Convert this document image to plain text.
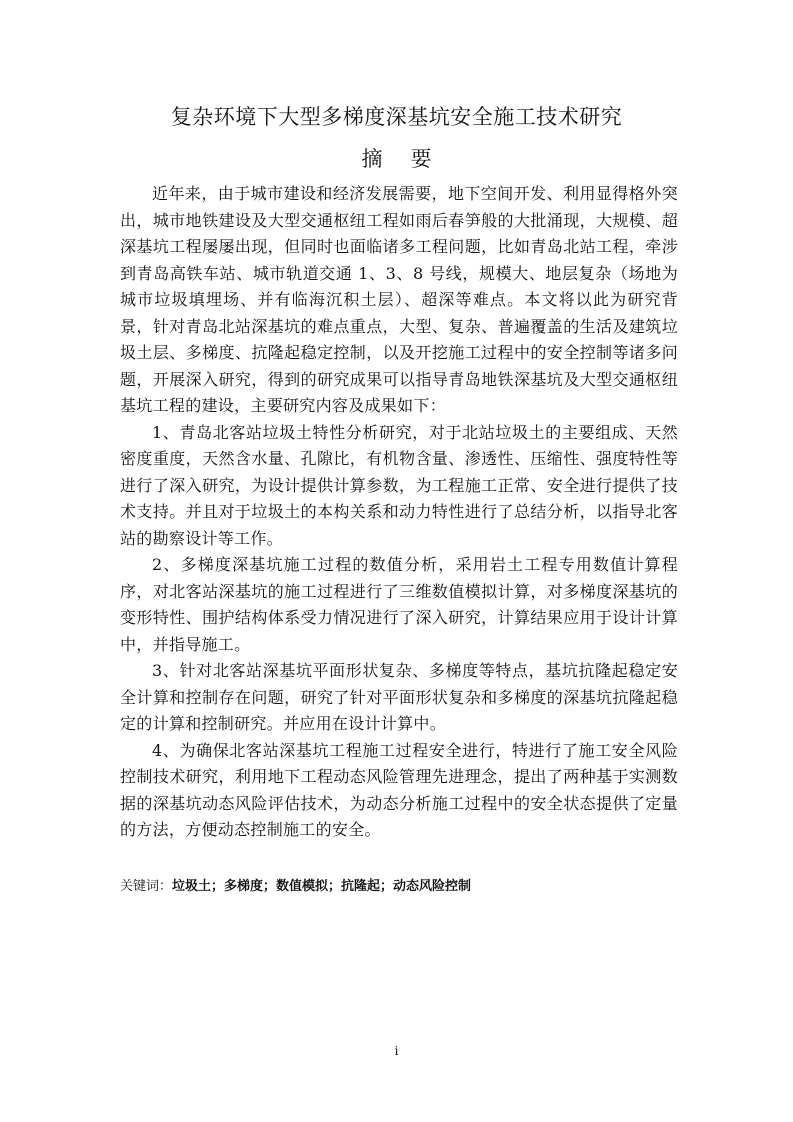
复杂环境下大型多梯度深基坑安全施工技术研究
摘要

近年来，由于城市建设和经济发展需要，地下空间开发、利用显得格外突出，城市地铁建设及大型交通枢纽工程如雨后春笋般的大批涌现，大规模、超深基坑工程屡屡出现，但同时也面临诸多工程问题，比如青岛北站工程，牵涉到青岛高铁车站、城市轨道交通 1、3、8 号线，规模大、地层复杂（场地为城市垃圾填埋场、并有临海沉积土层）、超深等难点。本文将以此为研究背景，针对青岛北站深基坑的难点重点，大型、复杂、普遍覆盖的生活及建筑垃圾土层、多梯度、抗隆起稳定控制，以及开挖施工过程中的安全控制等诸多问题，开展深入研究，得到的研究成果可以指导青岛地铁深基坑及大型交通枢纽基坑工程的建设，主要研究内容及成果如下：

1、青岛北客站垃圾土特性分析研究，对于北站垃圾土的主要组成、天然 密度重度，天然含水量、孔隙比，有机物含量、渗透性、压缩性、强度特性等进行了深入研究，为设计提供计算参数，为工程施工正常、安全进行提供了技术支持。并且对于垃圾土的本构关系和动力特性进行了总结分析，以指导北客站的勘察设计等工作。

2、多梯度深基坑施工过程的数值分析，采用岩土工程专用数值计算程序，对北客站深基坑的施工过程进行了三维数值模拟计算，对多梯度深基坑的变形特性、围护结构体系受力情况进行了深入研究，计算结果应用于设计计算中，并指导施工。

3、针对北客站深基坑平面形状复杂、多梯度等特点，基坑抗隆起稳定安全计算和控制存在问题，研究了针对平面形状复杂和多梯度的深基坑抗隆起稳定的计算和控制研究。并应用在设计计算中。

4、为确保北客站深基坑工程施工过程安全进行，特进行了施工安全风险控制技术研究，利用地下工程动态风险管理先进理念，提出了两种基于实测数据的深基坑动态风险评估技术，为动态分析施工过程中的安全状态提供了定量的方法，方便动态控制施工的安全。

关键词：垃圾土；多梯度；数值模拟；抗隆起；动态风险控制

i
